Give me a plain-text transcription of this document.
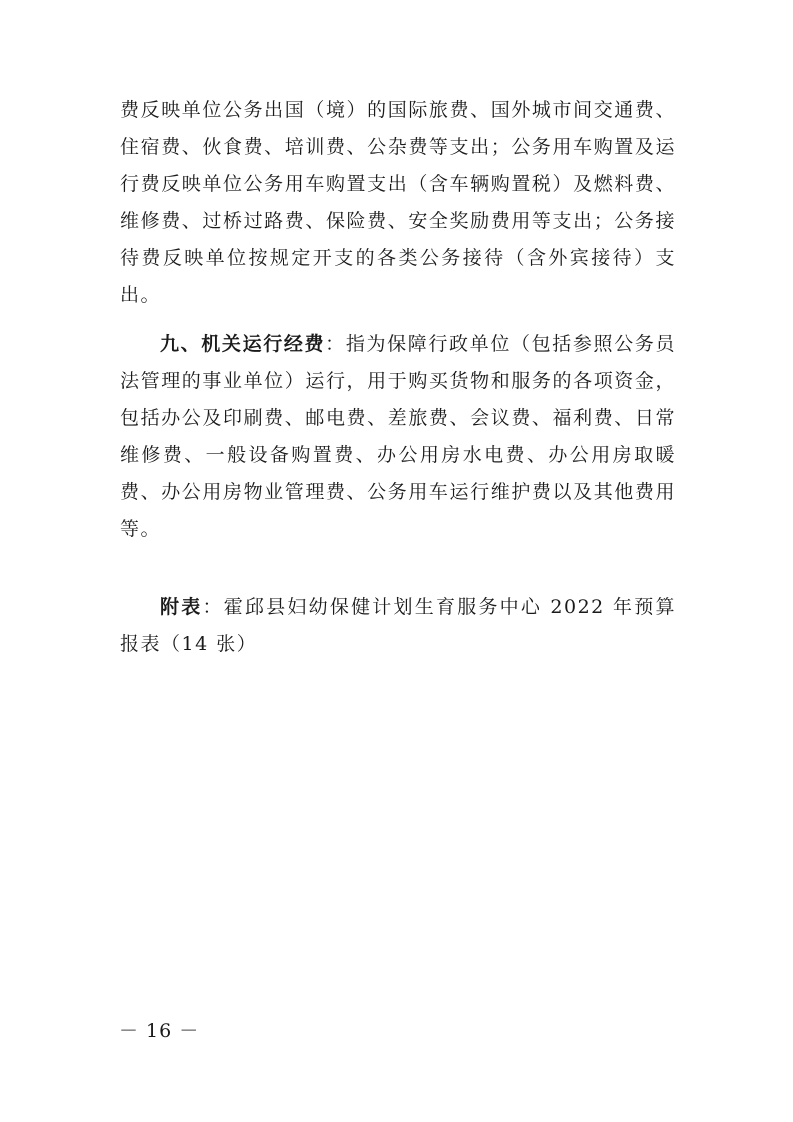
费反映单位公务出国（境）的国际旅费、国外城市间交通费、住宿费、伙食费、培训费、公杂费等支出；公务用车购置及运行费反映单位公务用车购置支出（含车辆购置税）及燃料费、维修费、过桥过路费、保险费、安全奖励费用等支出；公务接待费反映单位按规定开支的各类公务接待（含外宾接待）支出。

九、机关运行经费：指为保障行政单位（包括参照公务员法管理的事业单位）运行，用于购买货物和服务的各项资金，包括办公及印刷费、邮电费、差旅费、会议费、福利费、日常维修费、一般设备购置费、办公用房水电费、办公用房取暖费、办公用房物业管理费、公务用车运行维护费以及其他费用等。

附表：霍邱县妇幼保健计划生育服务中心 2022 年预算报表（14 张）

－ 16 －
